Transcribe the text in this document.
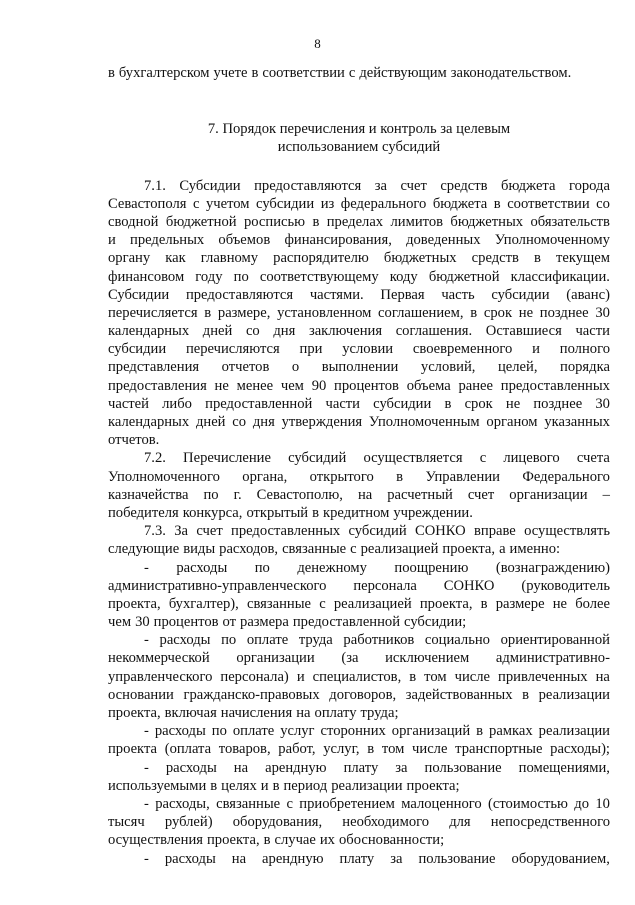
8
в бухгалтерском учете в соответствии с действующим законодательством.
7. Порядок перечисления и контроль за целевым
использованием субсидий
7.1. Субсидии предоставляются за счет средств бюджета города
Севастополя с учетом субсидии из федерального бюджета в соответствии со
сводной бюджетной росписью в пределах лимитов бюджетных обязательств
и предельных объемов финансирования, доведенных Уполномоченному
органу как главному распорядителю бюджетных средств в текущем
финансовом году по соответствующему коду бюджетной классификации.
Субсидии предоставляются частями. Первая часть субсидии (аванс)
перечисляется в размере, установленном соглашением, в срок не позднее 30
календарных дней со дня заключения соглашения. Оставшиеся части
субсидии перечисляются при условии своевременного и полного
представления отчетов о выполнении условий, целей, порядка
предоставления не менее чем 90 процентов объема ранее предоставленных
частей либо предоставленной части субсидии в срок не позднее 30
календарных дней со дня утверждения Уполномоченным органом указанных
отчетов.
7.2. Перечисление субсидий осуществляется с лицевого счета
Уполномоченного органа, открытого в Управлении Федерального
казначейства по г. Севастополю, на расчетный счет организации –
победителя конкурса, открытый в кредитном учреждении.
7.3. За счет предоставленных субсидий СОНКО вправе осуществлять
следующие виды расходов, связанные с реализацией проекта, а именно:
- расходы по денежному поощрению (вознаграждению)
административно-управленческого персонала СОНКО (руководитель
проекта, бухгалтер), связанные с реализацией проекта, в размере не более
чем 30 процентов от размера предоставленной субсидии;
- расходы по оплате труда работников социально ориентированной
некоммерческой организации (за исключением административно-
управленческого персонала) и специалистов, в том числе привлеченных на
основании гражданско-правовых договоров, задействованных в реализации
проекта, включая начисления на оплату труда;
- расходы по оплате услуг сторонних организаций в рамках реализации
проекта (оплата товаров, работ, услуг, в том числе транспортные расходы);
- расходы на арендную плату за пользование помещениями,
используемыми в целях и в период реализации проекта;
- расходы, связанные с приобретением малоценного (стоимостью до 10
тысяч рублей) оборудования, необходимого для непосредственного
осуществления проекта, в случае их обоснованности;
- расходы на арендную плату за пользование оборудованием,
